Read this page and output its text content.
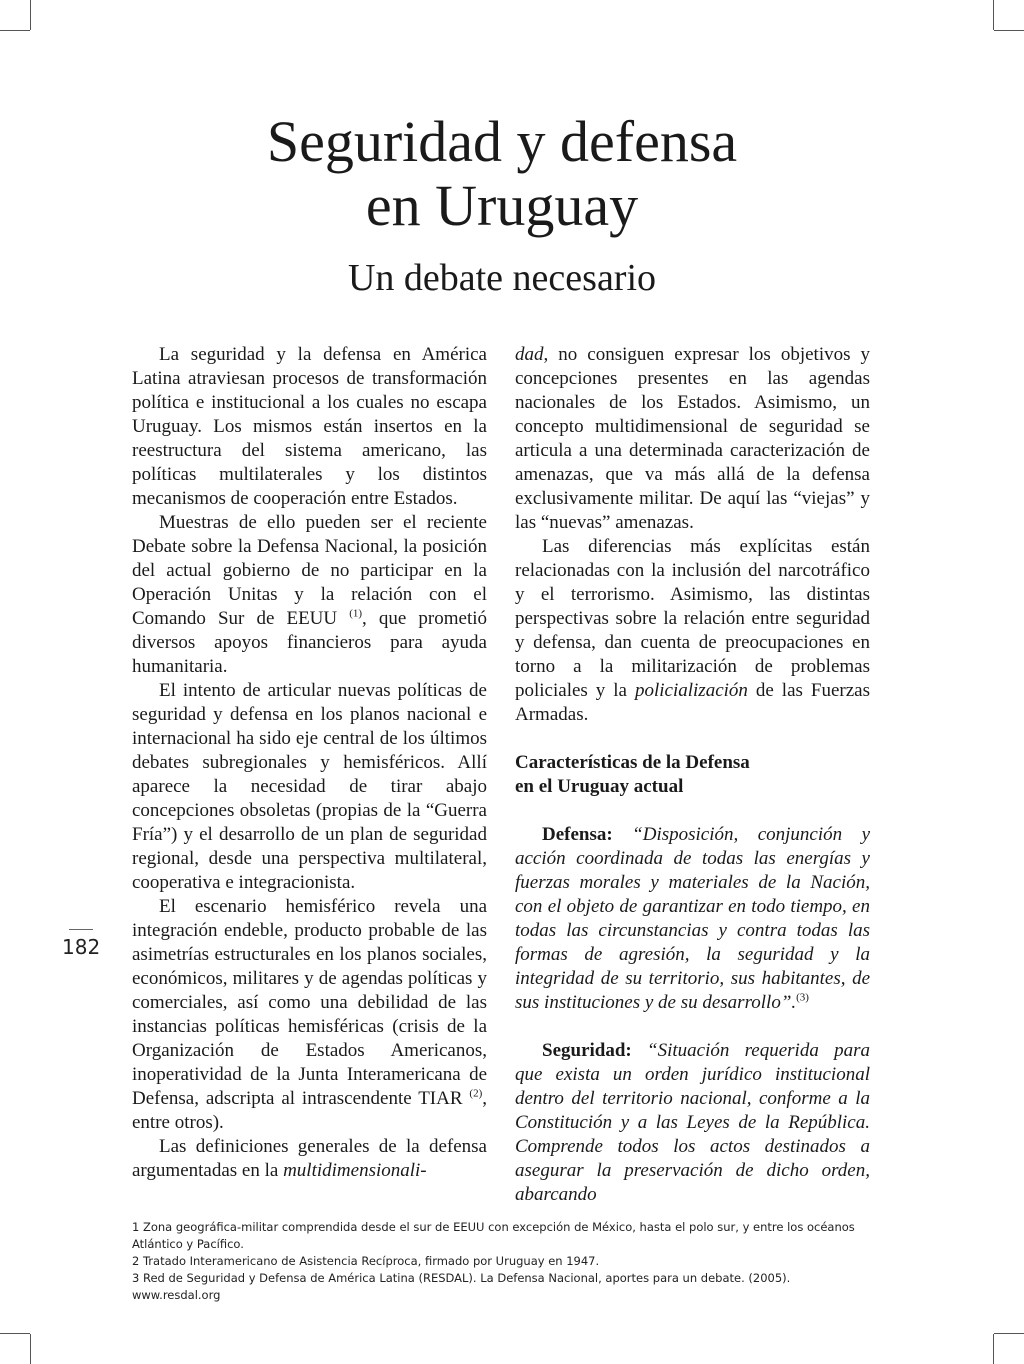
Seguridad y defensa
en Uruguay
Un debate necesario

La seguridad y la defensa en América Latina atraviesan procesos de transformación política e institucional a los cuales no escapa Uruguay. Los mismos están insertos en la reestructura del sistema americano, las políticas multilaterales y los distintos mecanismos de cooperación entre Estados.

Muestras de ello pueden ser el reciente Debate sobre la Defensa Nacional, la posición del actual gobierno de no participar en la Operación Unitas y la relación con el Comando Sur de EEUU $^{(1)}$, que prometió diversos apoyos financieros para ayuda humanitaria.

El intento de articular nuevas políticas de seguridad y defensa en los planos nacional e internacional ha sido eje central de los últimos debates subregionales y hemisféricos. Allí aparece la necesidad de tirar abajo concepciones obsoletas (propias de la “Guerra Fría”) y el desarrollo de un plan de seguridad regional, desde una perspectiva multilateral, cooperativa e integracionista.

El escenario hemisférico revela una integración endeble, producto probable de las asimetrías estructurales en los planos sociales, económicos, militares y de agendas políticas y comerciales, así como una debilidad de las instancias políticas hemisféricas (crisis de la Organización de Estados Americanos, inoperatividad de la Junta Interamericana de Defensa, adscripta al intrascendente TIAR $^{(2)}$, entre otros).

Las definiciones generales de la defensa argumentadas en la multidimensionali-

182

dad, no consiguen expresar los objetivos y concepciones presentes en las agendas nacionales de los Estados. Asimismo, un concepto multidimensional de seguridad se articula a una determinada caracterización de amenazas, que va más allá de la defensa exclusivamente militar. De aquí las “viejas” y las “nuevas” amenazas.

Las diferencias más explícitas están relacionadas con la inclusión del narcotráfico y el terrorismo. Asimismo, las distintas perspectivas sobre la relación entre seguridad y defensa, dan cuenta de preocupaciones en torno a la militarización de problemas policiales y la policialización de las Fuerzas Armadas.

Características de la Defensa
en el Uruguay actual

Defensa: “Disposición, conjunción y acción coordinada de todas las energías y fuerzas morales y materiales de la Nación, con el objeto de garantizar en todo tiempo, en todas las circunstancias y contra todas las formas de agresión, la seguridad y la integridad de su territorio, sus habitantes, de sus instituciones y de su desarrollo”.$^{(3)}$

Seguridad: “Situación requerida para que exista un orden jurídico institucional dentro del territorio nacional, conforme a la Constitución y a las Leyes de la República. Comprende todos los actos destinados a asegurar la preservación de dicho orden, abarcando

1 Zona geográfica-militar comprendida desde el sur de EEUU con excepción de México, hasta el polo sur, y entre los océanos Atlántico y Pacífico.
2 Tratado Interamericano de Asistencia Recíproca, firmado por Uruguay en 1947.
3 Red de Seguridad y Defensa de América Latina (RESDAL). La Defensa Nacional, aportes para un debate. (2005). www.resdal.org
